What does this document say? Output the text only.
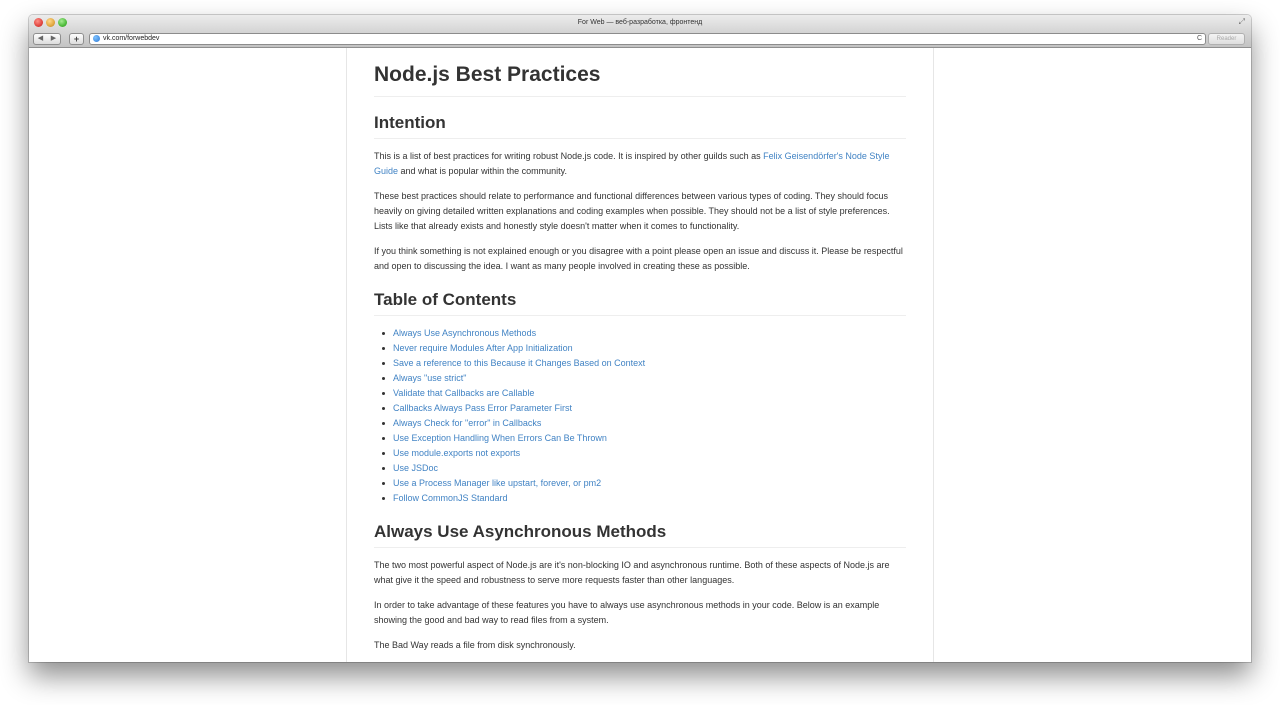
For Web — веб-разработка, фронтенд	⤢
◀	▶	+	vk.com/forwebdev	C	Reader
Node.js Best Practices
Intention

This is a list of best practices for writing robust Node.js code. It is inspired by other guilds such as Felix Geisendörfer's Node Style Guide and what is popular within the community.

These best practices should relate to performance and functional differences between various types of coding. They should focus heavily on giving detailed written explanations and coding examples when possible. They should not be a list of style preferences. Lists like that already exists and honestly style doesn't matter when it comes to functionality.

If you think something is not explained enough or you disagree with a point please open an issue and discuss it. Please be respectful and open to discussing the idea. I want as many people involved in creating these as possible.

Table of Contents
Always Use Asynchronous Methods
Never require Modules After App Initialization
Save a reference to this Because it Changes Based on Context
Always "use strict"
Validate that Callbacks are Callable
Callbacks Always Pass Error Parameter First
Always Check for "error" in Callbacks
Use Exception Handling When Errors Can Be Thrown
Use module.exports not exports
Use JSDoc
Use a Process Manager like upstart, forever, or pm2
Follow CommonJS Standard
Always Use Asynchronous Methods

The two most powerful aspect of Node.js are it's non-blocking IO and asynchronous runtime. Both of these aspects of Node.js are what give it the speed and robustness to serve more requests faster than other languages.

In order to take advantage of these features you have to always use asynchronous methods in your code. Below is an example showing the good and bad way to read files from a system.

The Bad Way reads a file from disk synchronously.
